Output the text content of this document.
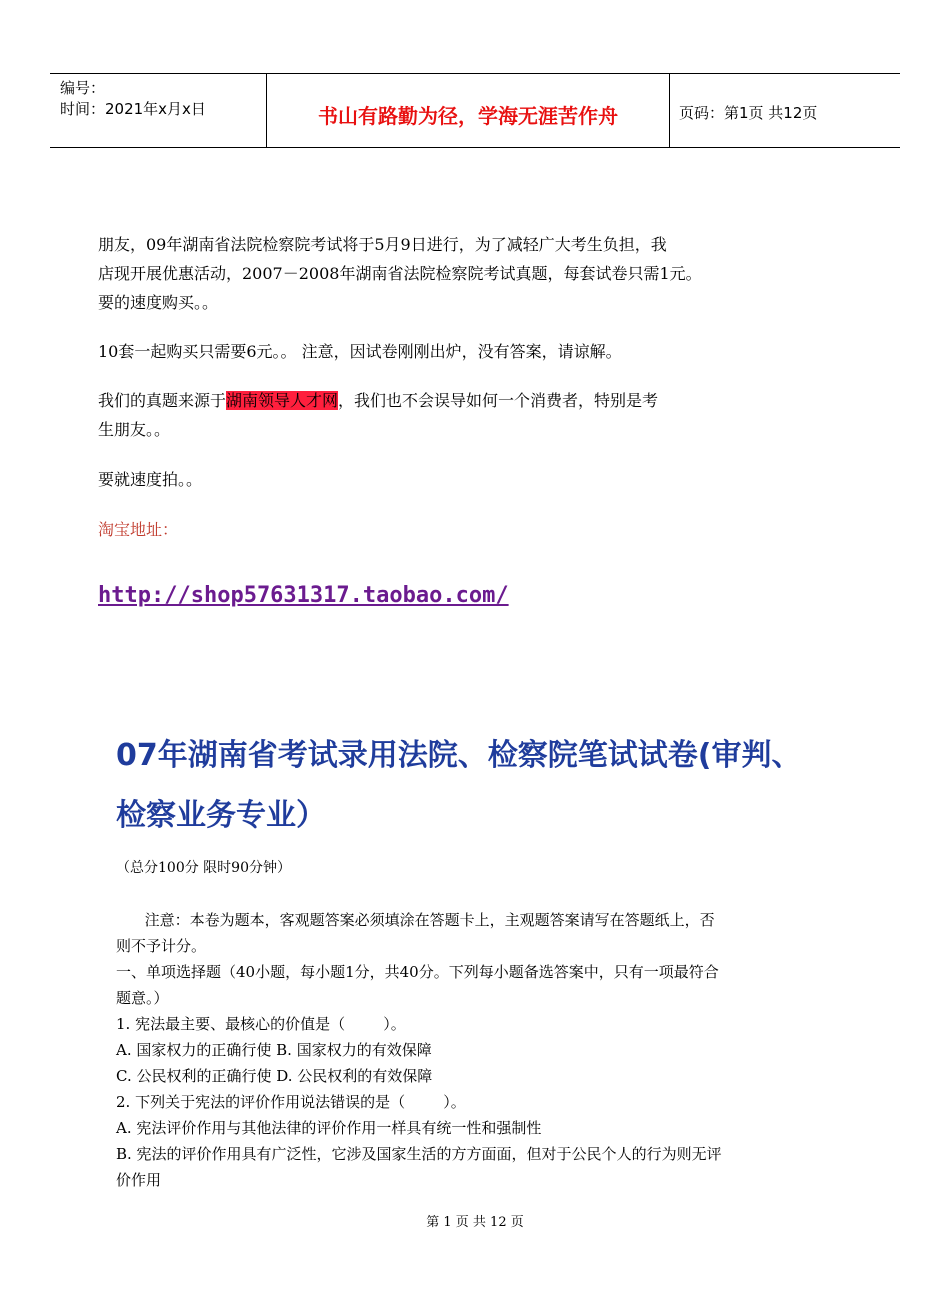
编号：
时间：2021年x月x日	书山有路勤为径，学海无涯苦作舟	页码：第1页 共12页
朋友，09年湖南省法院检察院考试将于5月9日进行，为了减轻广大考生负担，我
店现开展优惠活动，2007－2008年湖南省法院检察院考试真题，每套试卷只需1元。
要的速度购买。。
10套一起购买只需要6元。。 注意，因试卷刚刚出炉，没有答案，请谅解。
我们的真题来源于湖南领导人才网，我们也不会误导如何一个消费者，特别是考
生朋友。。
要就速度拍。。
淘宝地址：
http://shop57631317.taobao.com/
07年湖南省考试录用法院、检察院笔试试卷(审判、
检察业务专业）
（总分100分 限时90分钟）
注意：本卷为题本，客观题答案必须填涂在答题卡上，主观题答案请写在答题纸上，否
则不予计分。
一、单项选择题（40小题，每小题1分，共40分。下列每小题备选答案中，只有一项最符合
题意。）
1. 宪法最主要、最核心的价值是（        ）。
A. 国家权力的正确行使 B. 国家权力的有效保障
C. 公民权利的正确行使 D. 公民权利的有效保障
2. 下列关于宪法的评价作用说法错误的是（        ）。
A. 宪法评价作用与其他法律的评价作用一样具有统一性和强制性
B. 宪法的评价作用具有广泛性，它涉及国家生活的方方面面，但对于公民个人的行为则无评
价作用
第 1 页 共 12 页
